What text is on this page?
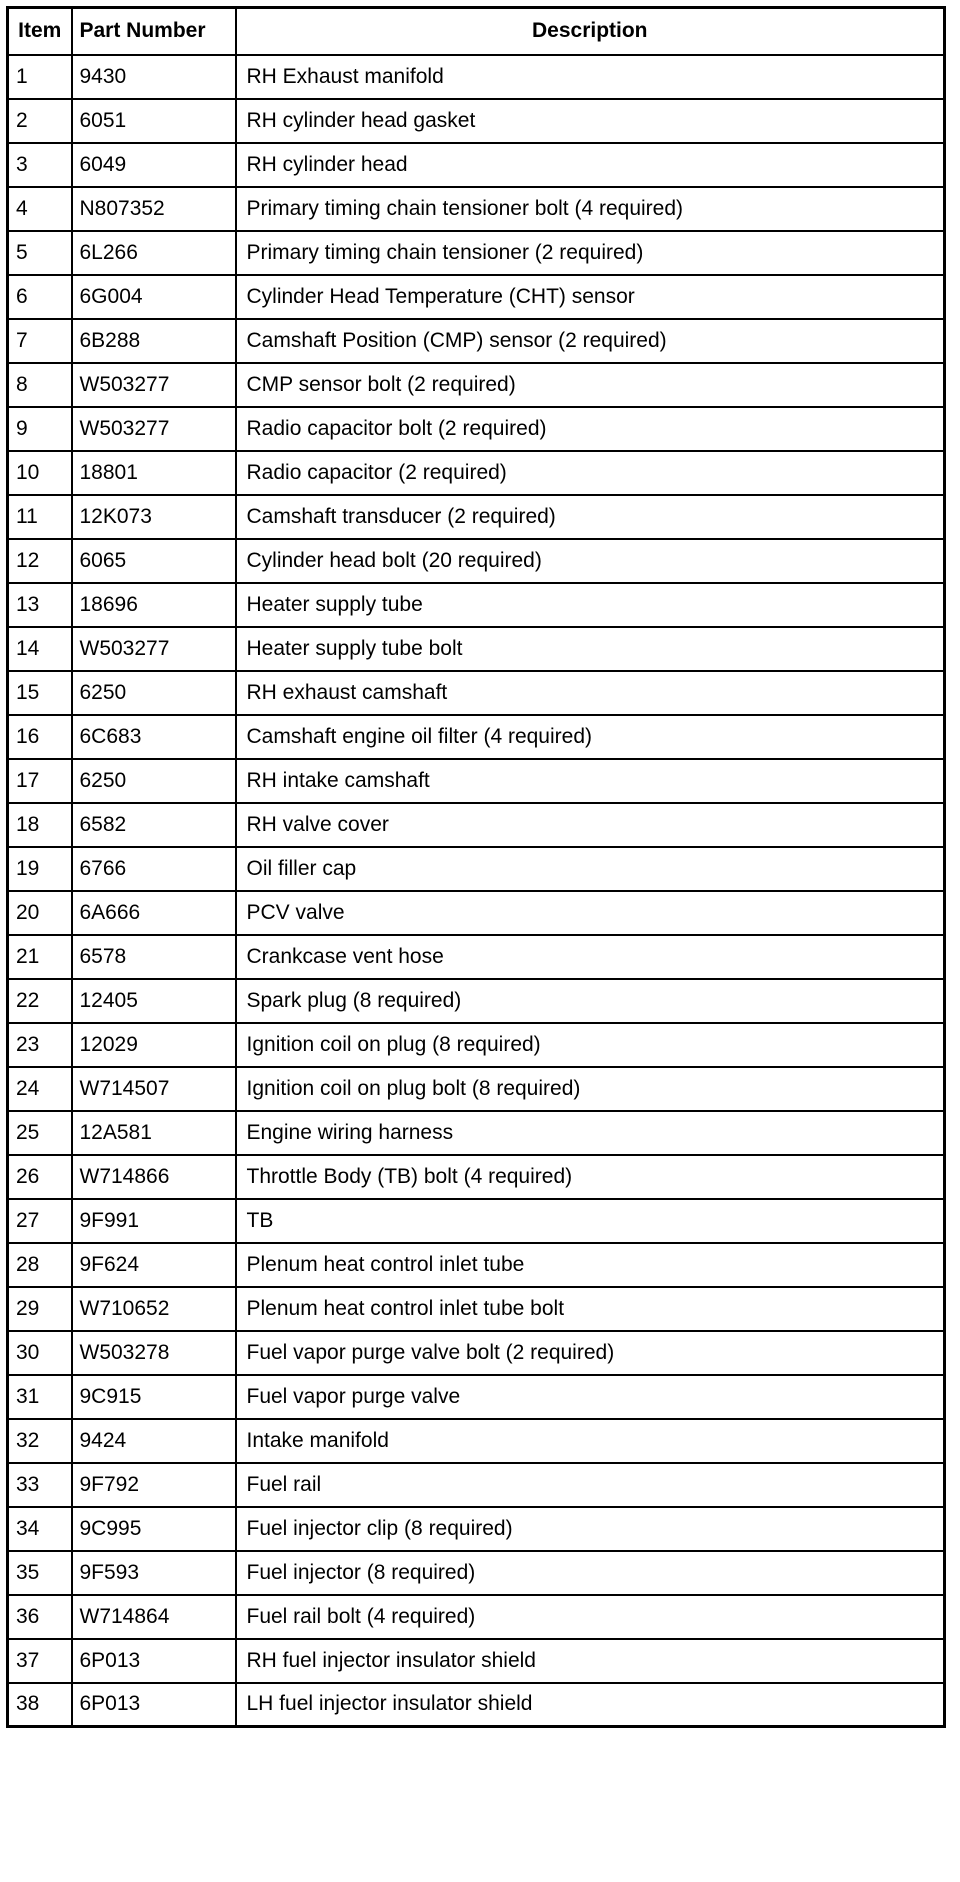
Item	Part Number	Description
1	9430	RH Exhaust manifold
2	6051	RH cylinder head gasket
3	6049	RH cylinder head
4	N807352	Primary timing chain tensioner bolt (4 required)
5	6L266	Primary timing chain tensioner (2 required)
6	6G004	Cylinder Head Temperature (CHT) sensor
7	6B288	Camshaft Position (CMP) sensor (2 required)
8	W503277	CMP sensor bolt (2 required)
9	W503277	Radio capacitor bolt (2 required)
10	18801	Radio capacitor (2 required)
11	12K073	Camshaft transducer (2 required)
12	6065	Cylinder head bolt (20 required)
13	18696	Heater supply tube
14	W503277	Heater supply tube bolt
15	6250	RH exhaust camshaft
16	6C683	Camshaft engine oil filter (4 required)
17	6250	RH intake camshaft
18	6582	RH valve cover
19	6766	Oil filler cap
20	6A666	PCV valve
21	6578	Crankcase vent hose
22	12405	Spark plug (8 required)
23	12029	Ignition coil on plug (8 required)
24	W714507	Ignition coil on plug bolt (8 required)
25	12A581	Engine wiring harness
26	W714866	Throttle Body (TB) bolt (4 required)
27	9F991	TB
28	9F624	Plenum heat control inlet tube
29	W710652	Plenum heat control inlet tube bolt
30	W503278	Fuel vapor purge valve bolt (2 required)
31	9C915	Fuel vapor purge valve
32	9424	Intake manifold
33	9F792	Fuel rail
34	9C995	Fuel injector clip (8 required)
35	9F593	Fuel injector (8 required)
36	W714864	Fuel rail bolt (4 required)
37	6P013	RH fuel injector insulator shield
38	6P013	LH fuel injector insulator shield
